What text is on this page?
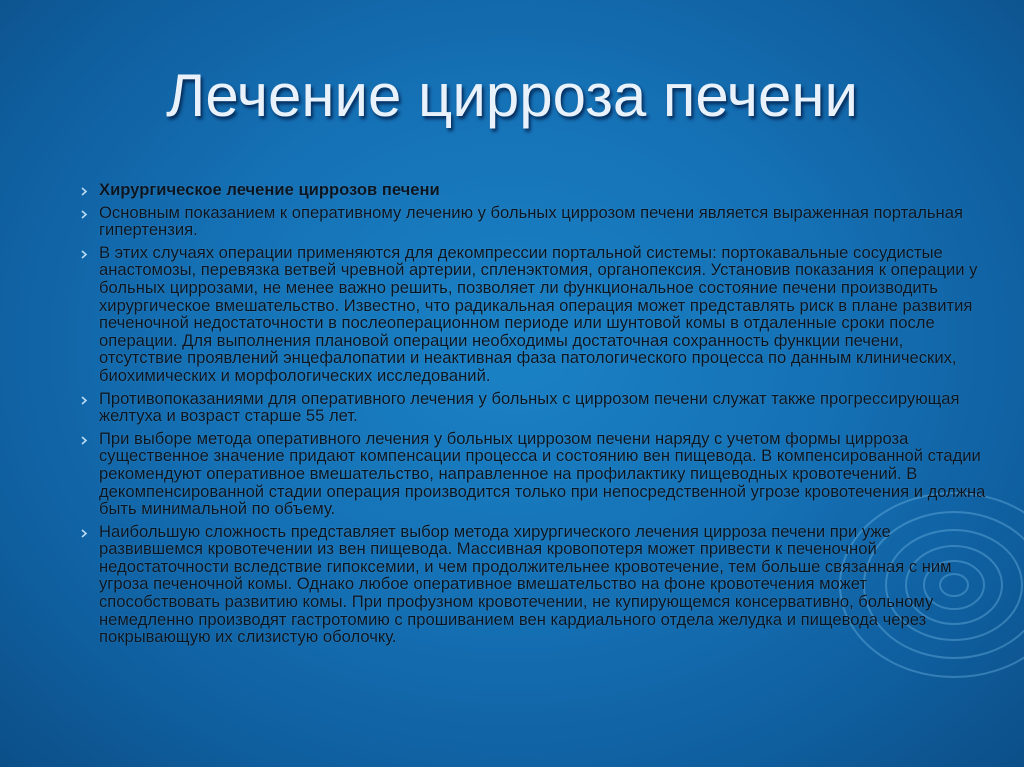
Лечение цирроза печени
Хирургическое лечение циррозов печени
Основным показанием к оперативному лечению у больных циррозом печени является выраженная портальная гипертензия.
В этих случаях операции применяются для декомпрессии портальной системы: портокавальные сосудистые анастомозы, перевязка ветвей чревной артерии, спленэктомия, органопексия. Установив показания к операции у больных циррозами, не менее важно решить, позволяет ли функциональное состояние печени производить хирургическое вмешательство. Известно, что радикальная операция может представлять риск в плане развития печеночной недостаточности в послеоперационном периоде или шунтовой комы в отдаленные сроки после операции. Для выполнения плановой операции необходимы достаточная сохранность функции печени, отсутствие проявлений энцефалопатии и неактивная фаза патологического процесса по данным клинических, биохимических и морфологических исследований.
Противопоказаниями для оперативного лечения у больных с циррозом печени служат также прогрессирующая желтуха и возраст старше 55 лет.
При выборе метода оперативного лечения у больных циррозом печени наряду с учетом формы цирроза существенное значение придают компенсации процесса и состоянию вен пищевода. В компенсированной стадии рекомендуют оперативное вмешательство, направленное на профилактику пищеводных кровотечений. В декомпенсированной стадии операция производится только при непосредственной угрозе кровотечения и должна быть минимальной по объему.
Наибольшую сложность представляет выбор метода хирургического лечения цирроза печени при уже развившемся кровотечении из вен пищевода. Массивная кровопотеря может привести к печеночной недостаточности вследствие гипоксемии, и чем продолжительнее кровотечение, тем больше связанная с ним угроза печеночной комы. Однако любое оперативное вмешательство на фоне кровотечения может способствовать развитию комы. При профузном кровотечении, не купирующемся консервативно, больному немедленно производят гастротомию с прошиванием вен кардиального отдела желудка и пищевода через покрывающую их слизистую оболочку.
